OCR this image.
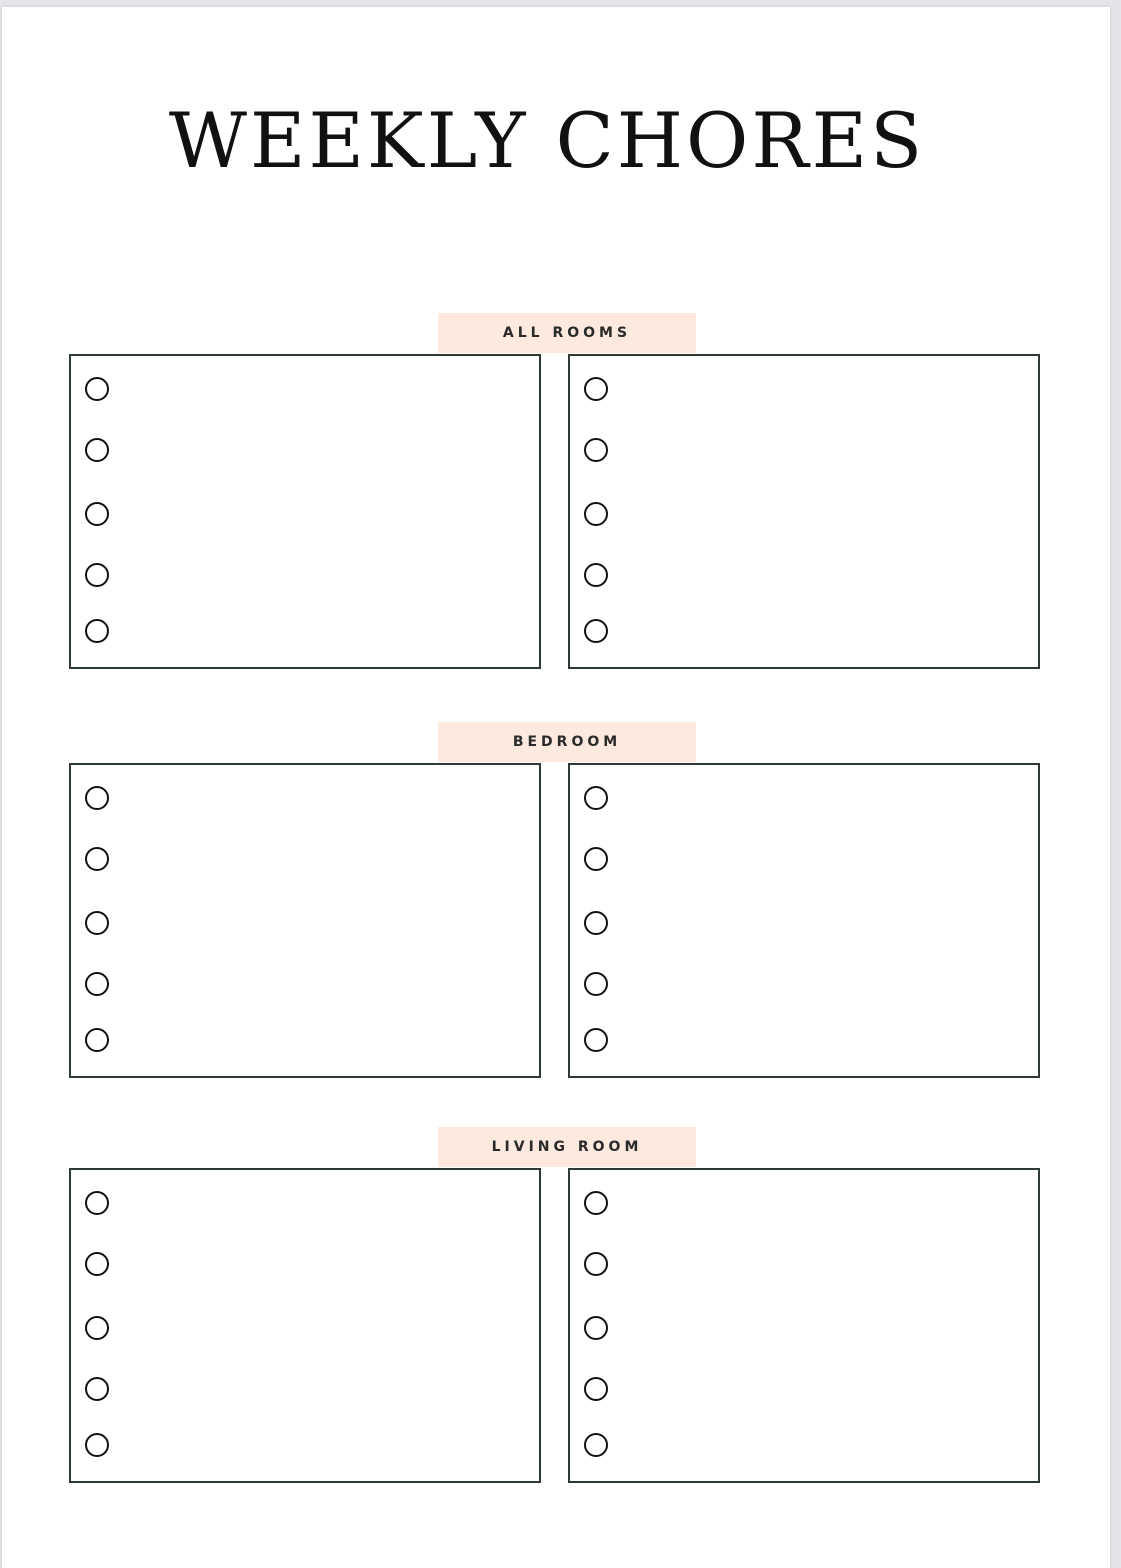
WEEKLY CHORES
ALL ROOMS
BEDROOM
LIVING ROOM
